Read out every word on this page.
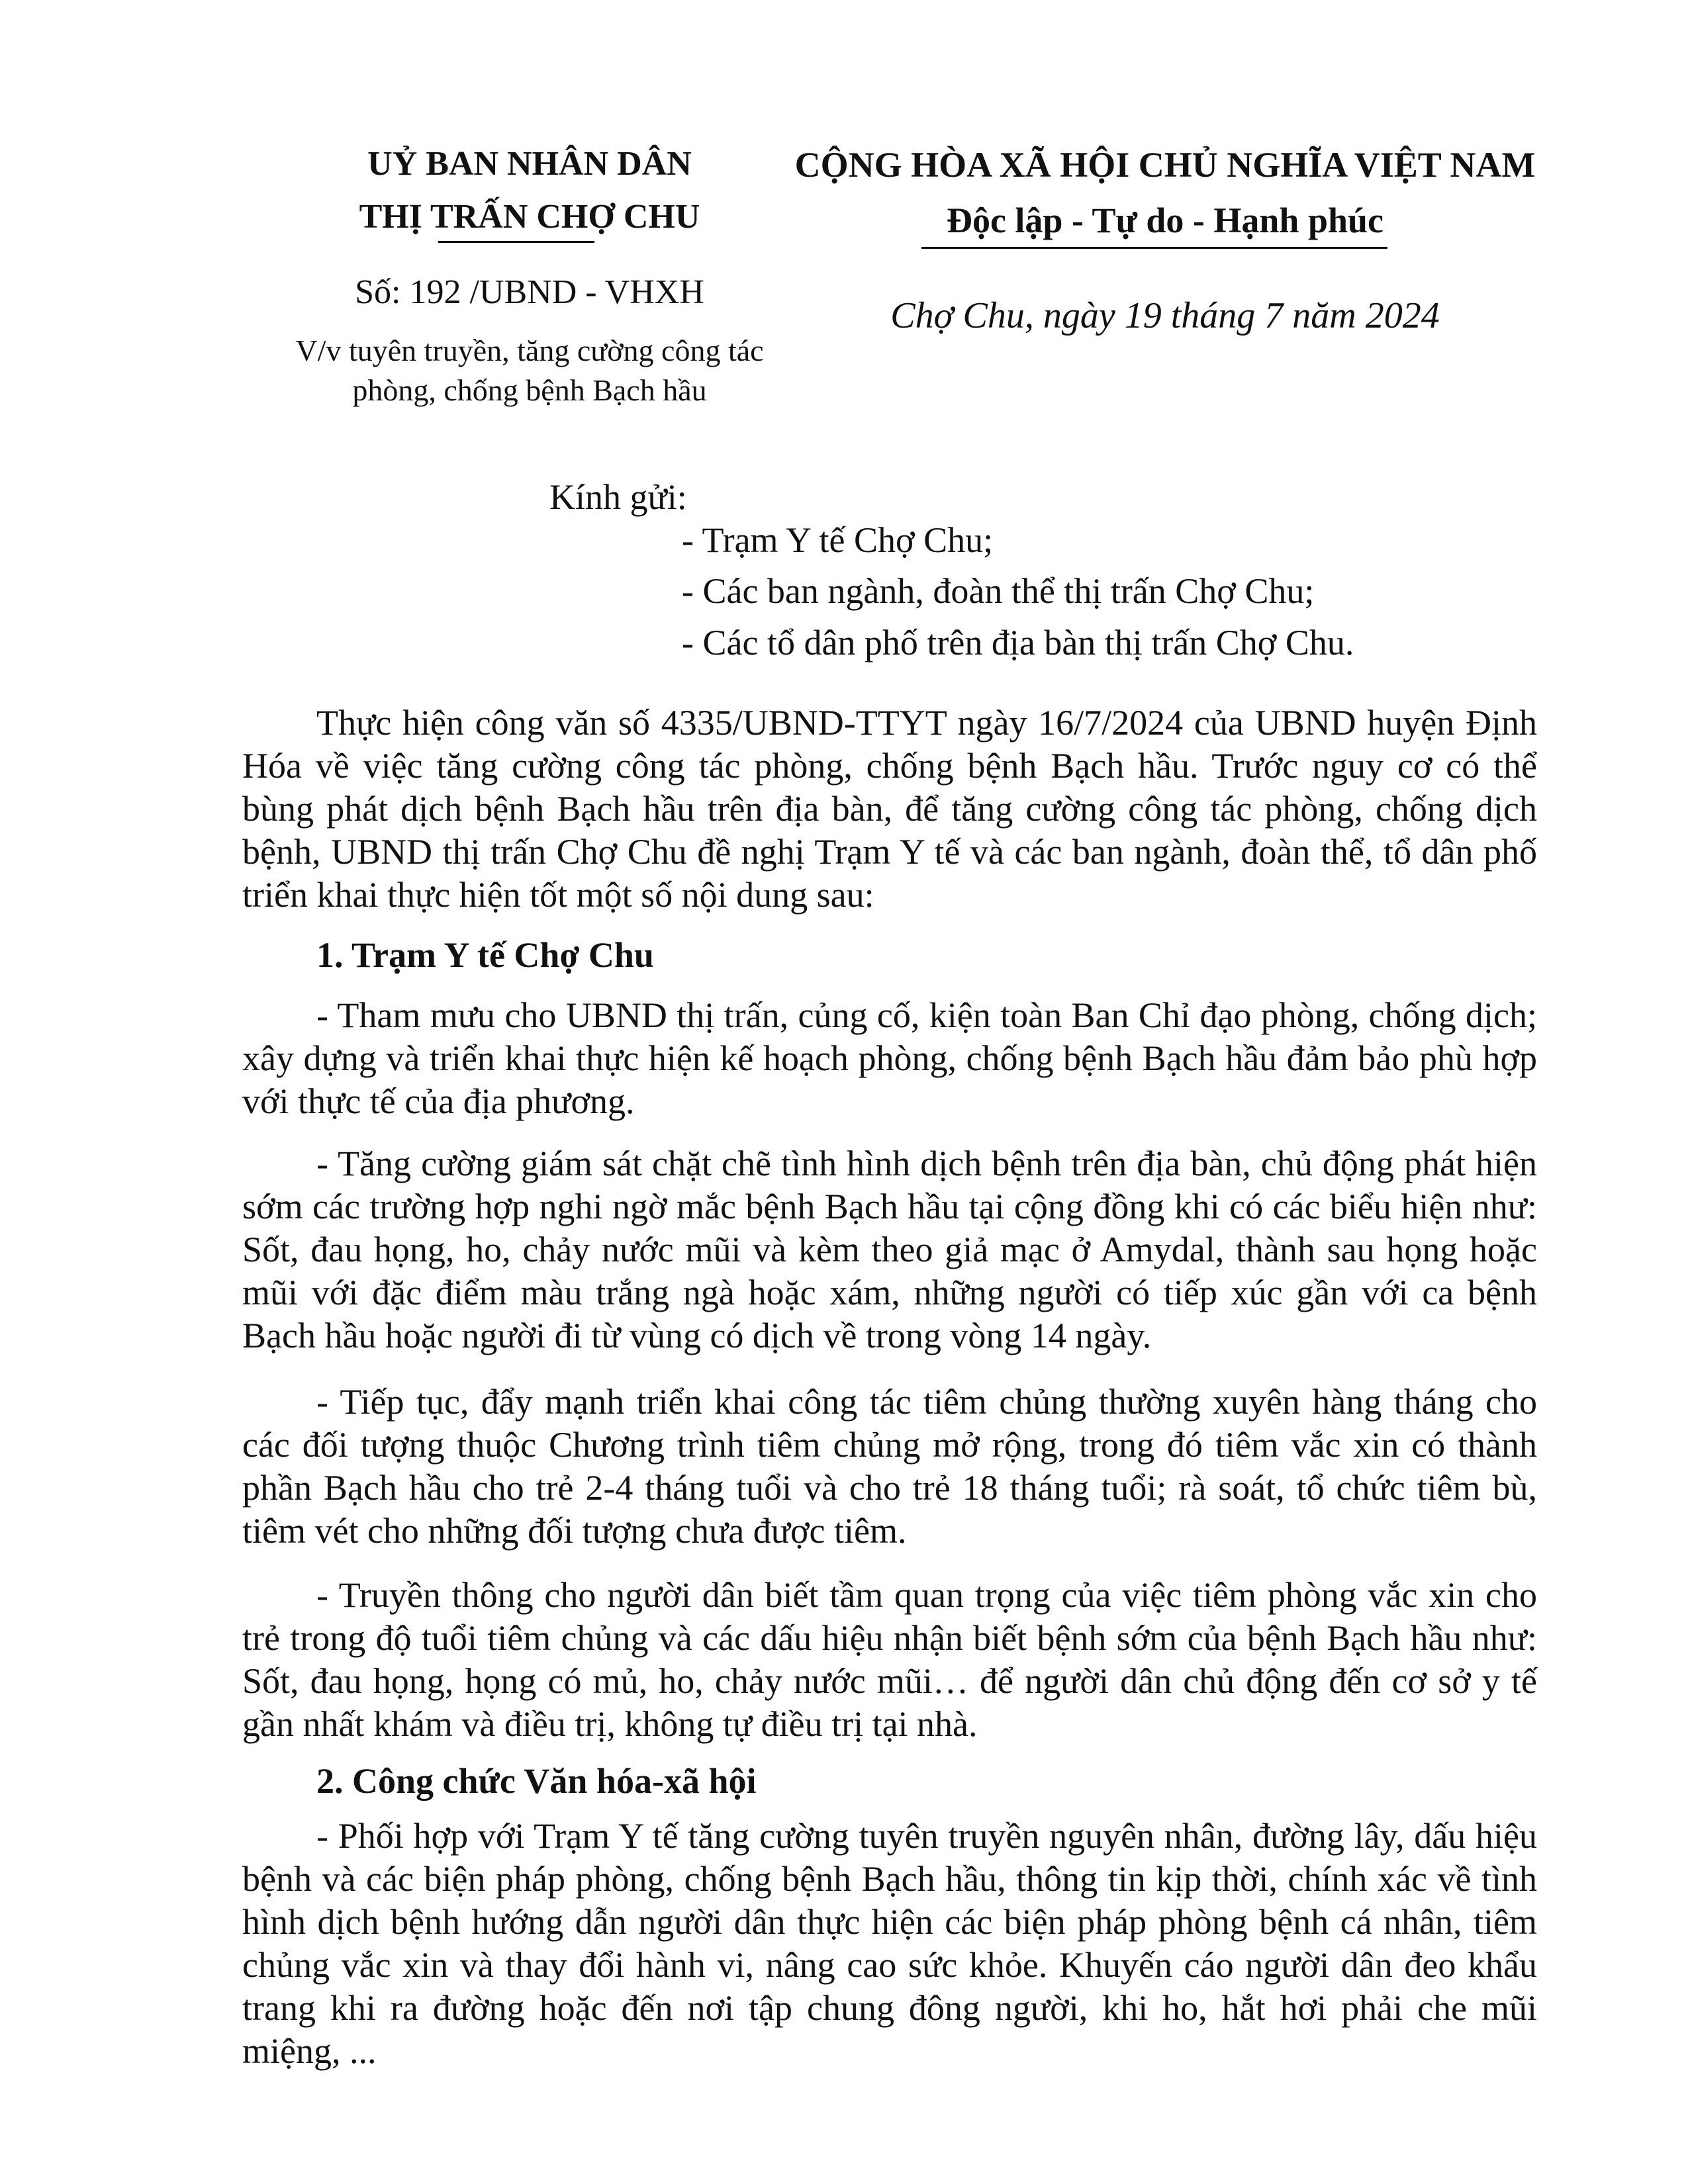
UỶ BAN NHÂN DÂN
THỊ TRẤN CHỢ CHU
Số: 192 /UBND - VHXH
V/v tuyên truyền, tăng cường công tác
phòng, chống bệnh Bạch hầu
CỘNG HÒA XÃ HỘI CHỦ NGHĨA VIỆT NAM
Độc lập - Tự do - Hạnh phúc
Chợ Chu, ngày 19 tháng 7 năm 2024
Kính gửi:
- Trạm Y tế Chợ Chu;
- Các ban ngành, đoàn thể thị trấn Chợ Chu;
- Các tổ dân phố trên địa bàn thị trấn Chợ Chu.

Thực hiện công văn số 4335/UBND-TTYT ngày 16/7/2024 của UBND huyện Định Hóa về việc tăng cường công tác phòng, chống bệnh Bạch hầu. Trước nguy cơ có thể bùng phát dịch bệnh Bạch hầu trên địa bàn, để tăng cường công tác phòng, chống dịch bệnh, UBND thị trấn Chợ Chu đề nghị Trạm Y tế và các ban ngành, đoàn thể, tổ dân phố triển khai thực hiện tốt một số nội dung sau:

1. Trạm Y tế Chợ Chu

- Tham mưu cho UBND thị trấn, củng cố, kiện toàn Ban Chỉ đạo phòng, chống dịch; xây dựng và triển khai thực hiện kế hoạch phòng, chống bệnh Bạch hầu đảm bảo phù hợp với thực tế của địa phương.

- Tăng cường giám sát chặt chẽ tình hình dịch bệnh trên địa bàn, chủ động phát hiện sớm các trường hợp nghi ngờ mắc bệnh Bạch hầu tại cộng đồng khi có các biểu hiện như: Sốt, đau họng, ho, chảy nước mũi và kèm theo giả mạc ở Amydal, thành sau họng hoặc mũi với đặc điểm màu trắng ngà hoặc xám, những người có tiếp xúc gần với ca bệnh Bạch hầu hoặc người đi từ vùng có dịch về trong vòng 14 ngày.

- Tiếp tục, đẩy mạnh triển khai công tác tiêm chủng thường xuyên hàng tháng cho các đối tượng thuộc Chương trình tiêm chủng mở rộng, trong đó tiêm vắc xin có thành phần Bạch hầu cho trẻ 2-4 tháng tuổi và cho trẻ 18 tháng tuổi; rà soát, tổ chức tiêm bù, tiêm vét cho những đối tượng chưa được tiêm.

- Truyền thông cho người dân biết tầm quan trọng của việc tiêm phòng vắc xin cho trẻ trong độ tuổi tiêm chủng và các dấu hiệu nhận biết bệnh sớm của bệnh Bạch hầu như: Sốt, đau họng, họng có mủ, ho, chảy nước mũi… để người dân chủ động đến cơ sở y tế gần nhất khám và điều trị, không tự điều trị tại nhà.

2. Công chức Văn hóa-xã hội

- Phối hợp với Trạm Y tế tăng cường tuyên truyền nguyên nhân, đường lây, dấu hiệu bệnh và các biện pháp phòng, chống bệnh Bạch hầu, thông tin kịp thời, chính xác về tình hình dịch bệnh hướng dẫn người dân thực hiện các biện pháp phòng bệnh cá nhân, tiêm chủng vắc xin và thay đổi hành vi, nâng cao sức khỏe. Khuyến cáo người dân đeo khẩu trang khi ra đường hoặc đến nơi tập chung đông người, khi ho, hắt hơi phải che mũi miệng, ...
